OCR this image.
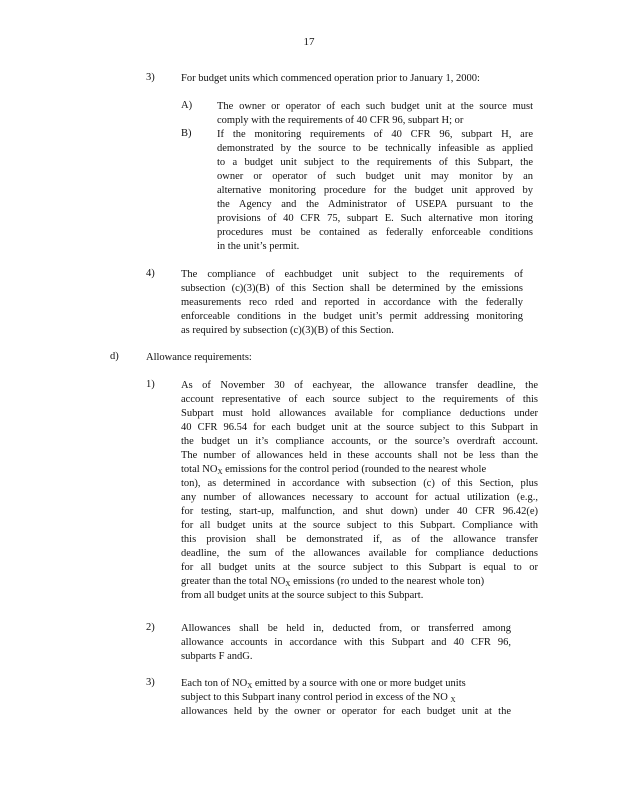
17
3)	For budget units which commenced operation prior to January 1, 2000:
A) The owner or operator of each such budget unit at the source must
comply with the requirements of 40 CFR 96, subpart H; or
B) If the monitoring requirements of 40 CFR 96, subpart H, are
demonstrated by the source to be technically infeasible as applied
to a budget unit subject to the requirements of this Subpart, the
owner or operator of such budget unit may monitor by an
alternative monitoring procedure for the budget unit approved by
the Agency and the Administrator of USEPA pursuant to the
provisions of 40 CFR 75, subpart E. Such alternative mon itoring
procedures must be contained as federally enforceable conditions
in the unit’s permit.
4)	The compliance of eachbudget unit subject to the requirements of
subsection (c)(3)(B) of this Section shall be determined by the emissions
measurements reco rded and reported in accordance with the federally
enforceable conditions in the budget unit’s permit addressing monitoring
as required by subsection (c)(3)(B) of this Section.
d)	Allowance requirements:
1)	As of November 30 of eachyear, the allowance transfer deadline, the
account representative of each source subject to the requirements of this
Subpart must hold allowances available for compliance deductions under
40 CFR 96.54 for each budget unit at the source subject to this Subpart in
the budget un it’s compliance accounts, or the source’s overdraft account.
The number of allowances held in these accounts shall not be less than the
total $NO_X$ emissions for the control period (rounded to the nearest whole
ton), as determined in accordance with subsection (c) of this Section, plus
any number of allowances necessary to account for actual utilization (e.g.,
for testing, start-up, malfunction, and shut down) under 40 CFR 96.42(e)
for all budget units at the source subject to this Subpart. Compliance with
this provision shall be demonstrated if, as of the allowance transfer
deadline, the sum of the allowances available for compliance deductions
for all budget units at the source subject to this Subpart is equal to or
greater than the total $NO_X$ emissions (ro unded to the nearest whole ton)
from all budget units at the source subject to this Subpart.
2)	Allowances shall be held in, deducted from, or transferred among
allowance accounts in accordance with this Subpart and 40 CFR 96,
subparts F andG.
3)	Each ton of $NO_X$ emitted by a source with one or more budget units
subject to this Subpart inany control period in excess of the NO $_X$
allowances held by the owner or operator for each budget unit at the
